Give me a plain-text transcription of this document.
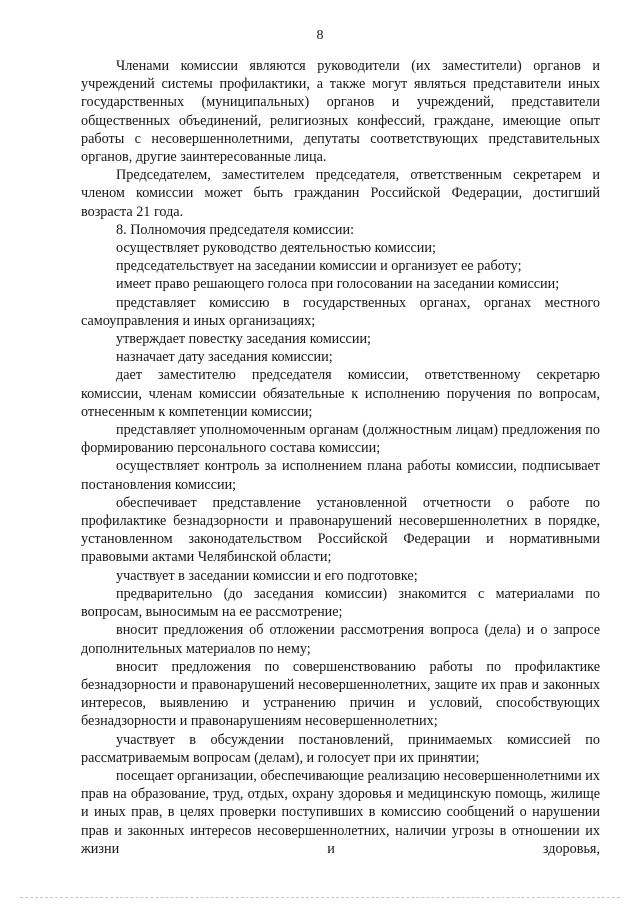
8

Членами комиссии являются руководители (их заместители) органов и учреждений системы профилактики, а также могут являться представители иных государственных (муниципальных) органов и учреждений, представители общественных объединений, религиозных конфессий, граждане, имеющие опыт работы с несовершеннолетними, депутаты соответствующих представительных органов, другие заинтересованные лица.

Председателем, заместителем председателя, ответственным секретарем и членом комиссии может быть гражданин Российской Федерации, достигший возраста 21 года.

8. Полномочия председателя комиссии:

осуществляет руководство деятельностью комиссии;

председательствует на заседании комиссии и организует ее работу;

имеет право решающего голоса при голосовании на заседании комиссии;

представляет комиссию в государственных органах, органах местного самоуправления и иных организациях;

утверждает повестку заседания комиссии;

назначает дату заседания комиссии;

дает заместителю председателя комиссии, ответственному секретарю комиссии, членам комиссии обязательные к исполнению поручения по вопросам, отнесенным к компетенции комиссии;

представляет уполномоченным органам (должностным лицам) предложения по формированию персонального состава комиссии;

осуществляет контроль за исполнением плана работы комиссии, подписывает постановления комиссии;

обеспечивает представление установленной отчетности о работе по профилактике безнадзорности и правонарушений несовершеннолетних в порядке, установленном законодательством Российской Федерации и нормативными правовыми актами Челябинской области;

участвует в заседании комиссии и его подготовке;

предварительно (до заседания комиссии) знакомится с материалами по вопросам, выносимым на ее рассмотрение;

вносит предложения об отложении рассмотрения вопроса (дела) и о запросе дополнительных материалов по нему;

вносит предложения по совершенствованию работы по профилактике безнадзорности и правонарушений несовершеннолетних, защите их прав и законных интересов, выявлению и устранению причин и условий, способствующих безнадзорности и правонарушениям несовершеннолетних;

участвует в обсуждении постановлений, принимаемых комиссией по рассматриваемым вопросам (делам), и голосует при их принятии;

посещает организации, обеспечивающие реализацию несовершеннолетними их прав на образование, труд, отдых, охрану здоровья и медицинскую помощь, жилище и иных прав, в целях проверки поступивших в комиссию сообщений о нарушении прав и законных интересов несовершеннолетних, наличии угрозы в отношении их жизни и здоровья,
